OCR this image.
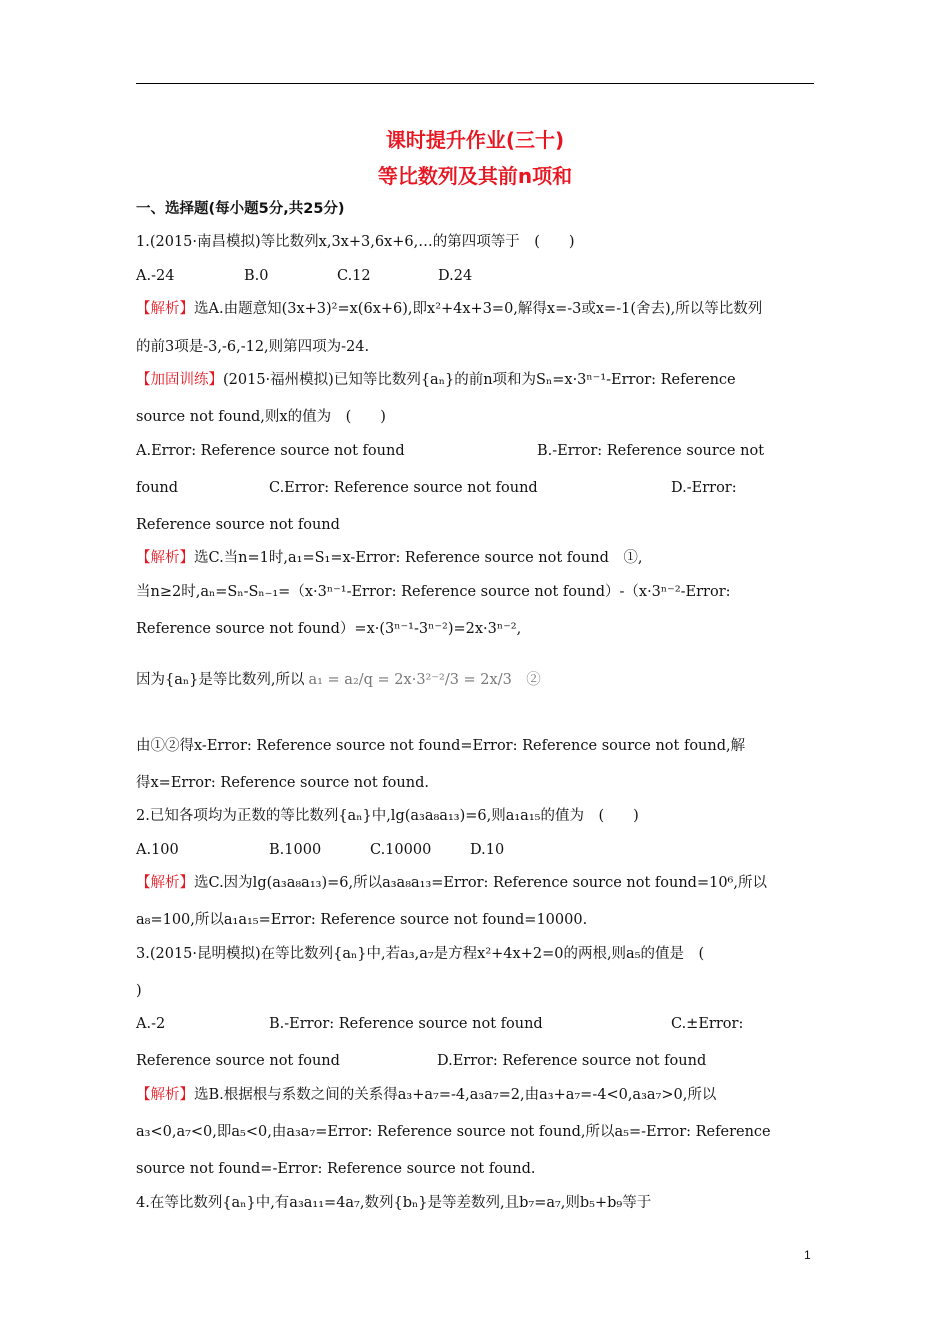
课时提升作业(三十)
等比数列及其前n项和
一、选择题(每小题5分,共25分)
1.(2015·南昌模拟)等比数列x,3x+3,6x+6,…的第四项等于　(　　)
A.-24	B.0	C.12	D.24
【解析】选A.由题意知(3x+3)²=x(6x+6),即x²+4x+3=0,解得x=-3或x=-1(舍去),所以等比数列
的前3项是-3,-6,-12,则第四项为-24.
【加固训练】(2015·福州模拟)已知等比数列{aₙ}的前n项和为Sₙ=x·3ⁿ⁻¹-Error: Reference
source not found,则x的值为　(　　)
A.Error: Reference source not found	B.-Error: Reference source not
found	C.Error: Reference source not found	D.-Error:
Reference source not found
【解析】选C.当n=1时,a₁=S₁=x-Error: Reference source not found　①,
当n≥2时,aₙ=Sₙ-Sₙ₋₁=（x·3ⁿ⁻¹-Error: Reference source not found）-（x·3ⁿ⁻²-Error:
Reference source not found）=x·(3ⁿ⁻¹-3ⁿ⁻²)=2x·3ⁿ⁻²,
因为{aₙ}是等比数列,所以 a₁ = a₂/q = 2x·3²⁻²/3 = 2x/3　②
由①②得x-Error: Reference source not found=Error: Reference source not found,解
得x=Error: Reference source not found.
2.已知各项均为正数的等比数列{aₙ}中,lg(a₃a₈a₁₃)=6,则a₁a₁₅的值为　(　　)
A.100	B.1000	C.10000	D.10
【解析】选C.因为lg(a₃a₈a₁₃)=6,所以a₃a₈a₁₃=Error: Reference source not found=10⁶,所以
a₈=100,所以a₁a₁₅=Error: Reference source not found=10000.
3.(2015·昆明模拟)在等比数列{aₙ}中,若a₃,a₇是方程x²+4x+2=0的两根,则a₅的值是　(
)
A.-2	B.-Error: Reference source not found	C.±Error:
Reference source not found	D.Error: Reference source not found
【解析】选B.根据根与系数之间的关系得a₃+a₇=-4,a₃a₇=2,由a₃+a₇=-4<0,a₃a₇>0,所以
a₃<0,a₇<0,即a₅<0,由a₃a₇=Error: Reference source not found,所以a₅=-Error: Reference
source not found=-Error: Reference source not found.
4.在等比数列{aₙ}中,有a₃a₁₁=4a₇,数列{bₙ}是等差数列,且b₇=a₇,则b₅+b₉等于
1
